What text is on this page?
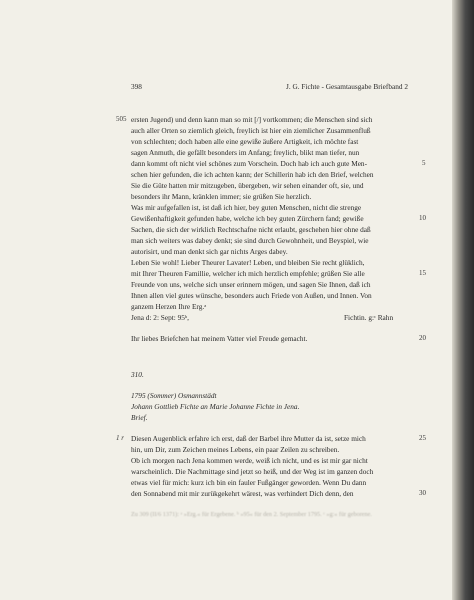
398	J. G. Fichte - Gesamtausgabe Briefband 2

505 ersten Jugend) und denn kann man so mit [/] vortkommen; die Menschen sind sich

auch aller Orten so ziemlich gleich, freylich ist hier ein ziemlicher Zusammenfluß

von schlechten; doch haben alle eine gewiße äußere Artigkeit, ich möchte fast

sagen Anmuth, die gefällt besonders im Anfang; freylich, blikt man tiefer, nun

dann kommt oft nicht viel schönes zum Vorschein. Doch hab ich auch gute Men-

schen hier gefunden, die ich achten kann; der Schillerin hab ich den Brief, welchen

Sie die Güte hatten mir mitzugeben, übergeben, wir sehen einander oft, sie, und

besonders ihr Mann, kränklen immer; sie grüßen Sie herzlich.

Was mir aufgefallen ist, ist daß ich hier, bey guten Menschen, nicht die strenge

Gewißenhaftigkeit gefunden habe, welche ich bey guten Zürchern fand; gewiße

Sachen, die sich der wirklich Rechtschafne nicht erlaubt, geschehen hier ohne daß

man sich weiters was dabey denkt; sie sind durch Gewohnheit, und Beyspiel, wie

autorisirt, und man denkt sich gar nichts Arges dabey.

Leben Sie wohl! Lieber Theurer Lavater! Leben, und bleiben Sie recht glüklich,

mit Ihrer Theuren Famillie, welcher ich mich herzlich empfehle; grüßen Sie alle

Freunde von uns, welche sich unser erinnern mögen, und sagen Sie Ihnen, daß ich

Ihnen allen viel gutes wünsche, besonders auch Friede von Außen, und Innen. Von

ganzem Herzen Ihre Erg.ᵃ

Jena d: 2: Sept: 95ᵇ,	Fichtin. g:ᶜ Rahn

Ihr liebes Briefchen hat meinem Vatter viel Freude gemacht.

5

10

15

20

310.

1795 (Sommer) Osmannstädt

Johann Gottlieb Fichte an Marie Johanne Fichte in Jena.

Brief.

1 r Diesen Augenblick erfahre ich erst, daß der Barbel ihre Mutter da ist, setze mich

hin, um Dir, zum Zeichen meines Lebens, ein paar Zeilen zu schreiben.

Ob ich morgen nach Jena kommen werde, weiß ich nicht, und es ist mir gar nicht

warscheinlich. Die Nachmittage sind jetzt so heiß, und der Weg ist im ganzen doch

etwas viel für mich: kurz ich bin ein fauler Fußgänger geworden. Wenn Du dann

den Sonnabend mit mir zurükgekehrt wärest, was verhindert Dich denn, den

25

30

Zu 309 (II/6 1371): ᵃ »Erg.« für Ergebene. ᵇ »95« für den 2. September 1795. ᶜ »g:« für geborene.
